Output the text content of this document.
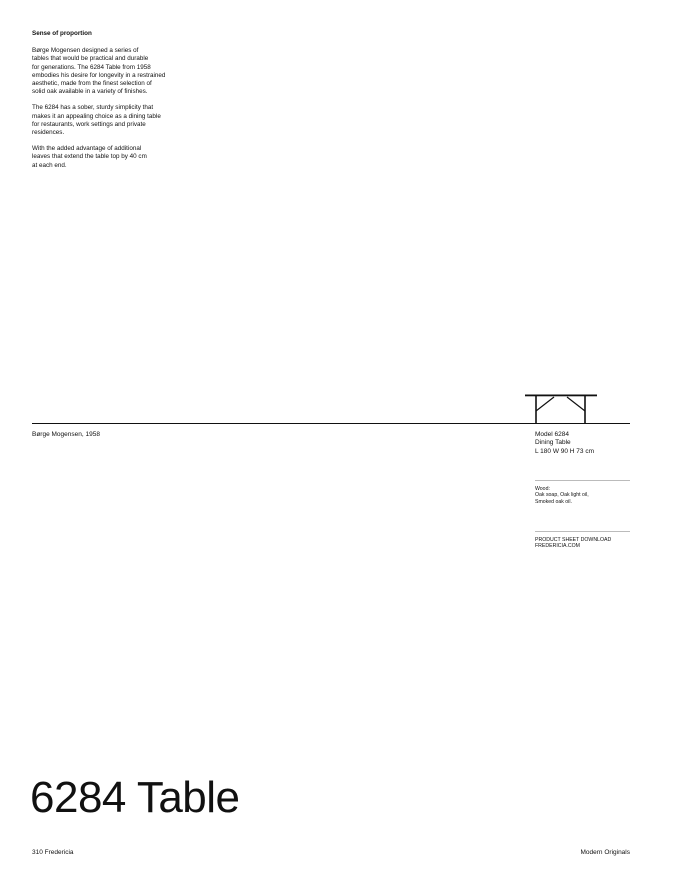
Sense of proportion

Børge Mogensen designed a series of
tables that would be practical and durable
for generations. The 6284 Table from 1958
embodies his desire for longevity in a restrained
aesthetic, made from the finest selection of
solid oak available in a variety of finishes.

The 6284 has a sober, sturdy simplicity that
makes it an appealing choice as a dining table
for restaurants, work settings and private
residences.

With the added advantage of additional
leaves that extend the table top by 40 cm
at each end.

Børge Mogensen, 1958	Model 6284
Dining Table
L 180 W 90 H 73 cm
Wood:
Oak soap, Oak light oil,
Smoked oak oil.
PRODUCT SHEET DOWNLOAD
FREDERICIA.COM
6284 Table
310 Fredericia	Modern Originals
